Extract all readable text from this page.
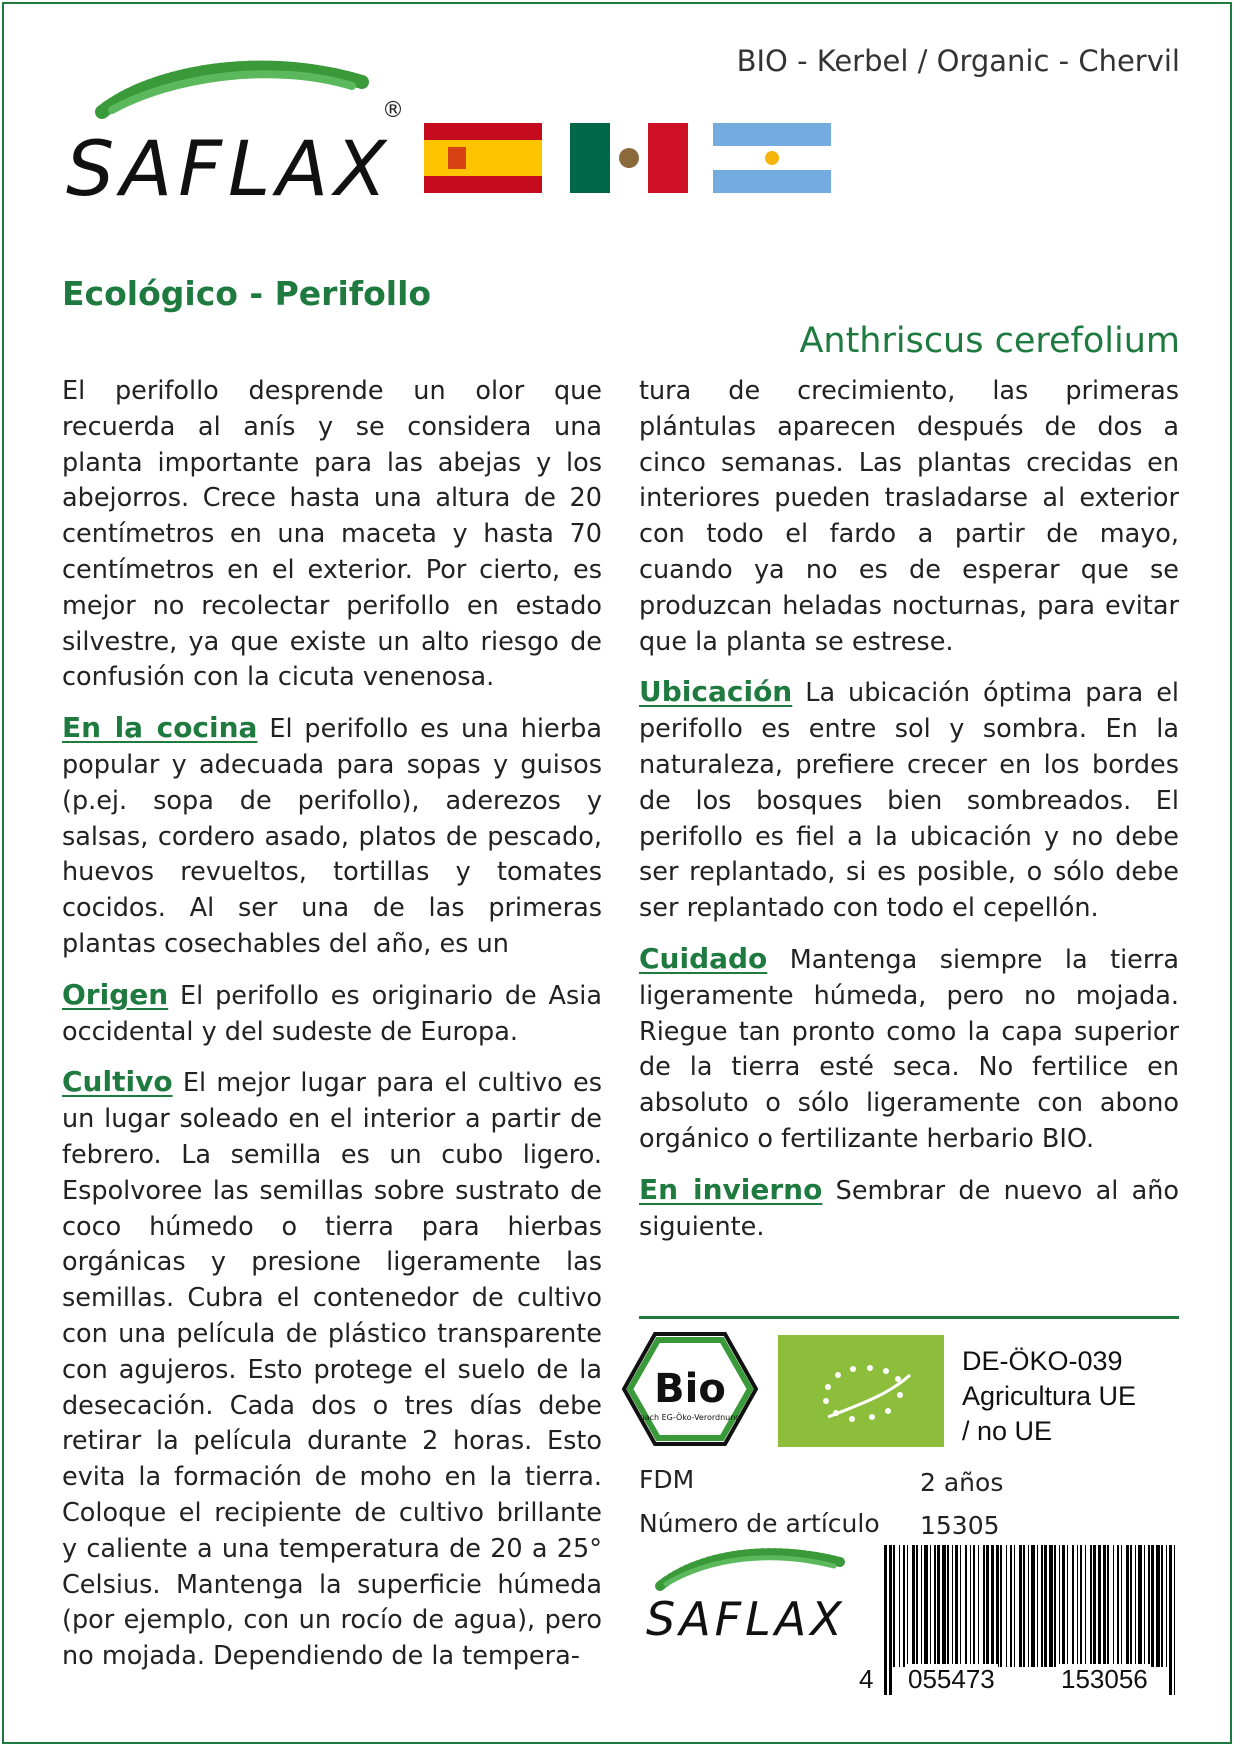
BIO - Kerbel / Organic - Chervil
SAFLAX
®
Ecológico - Perifollo
Anthriscus cerefolium

El perifollo desprende un olor que recuerda al anís y se considera una planta importante para las abejas y los abejorros. Crece hasta una altura de 20 centímetros en una maceta y hasta 70 centímetros en el exterior. Por cierto, es mejor no recolectar perifollo en estado silvestre, ya que existe un alto riesgo de confusión con la cicuta venenosa.

En la cocina El perifollo es una hierba popular y adecuada para sopas y guisos (p.ej. sopa de perifollo), aderezos y salsas, cordero asado, platos de pescado, huevos revueltos, tortillas y tomates cocidos. Al ser una de las primeras plantas cosechables del año, es un

Origen El perifollo es originario de Asia occidental y del sudeste de Europa.

Cultivo El mejor lugar para el cultivo es un lugar soleado en el interior a partir de febrero. La semilla es un cubo ligero. Espolvoree las semillas sobre sustrato de coco húmedo o tierra para hierbas orgánicas y presione ligeramente las semillas. Cubra el contenedor de cultivo con una película de plástico transparente con agujeros. Esto protege el suelo de la desecación. Cada dos o tres días debe retirar la película durante 2 horas. Esto evita la formación de moho en la tierra. Coloque el recipiente de cultivo brillante y caliente a una temperatura de 20 a 25° Celsius. Mantenga la superficie húmeda (por ejemplo, con un rocío de agua), pero no mojada. Dependiendo de la tempera-

tura de crecimiento, las primeras plántulas aparecen después de dos a cinco semanas. Las plantas crecidas en interiores pueden trasladarse al exterior con todo el fardo a partir de mayo, cuando ya no es de esperar que se produzcan heladas nocturnas, para evitar que la planta se estrese.

Ubicación La ubicación óptima para el perifollo es entre sol y sombra. En la naturaleza, prefiere crecer en los bordes de los bosques bien sombreados. El perifollo es fiel a la ubicación y no debe ser replantado, si es posible, o sólo debe ser replantado con todo el cepellón.

Cuidado Mantenga siempre la tierra ligeramente húmeda, pero no mojada. Riegue tan pronto como la capa superior de la tierra esté seca. No fertilice en absoluto o sólo ligeramente con abono orgánico o fertilizante herbario BIO.

En invierno Sembrar de nuevo al año siguiente.

Bio
nach EG-Öko-Verordnung
DE-ÖKO-039
Agricultura UE
/ no UE
FDM	2 años
Número de artículo 15305
SAFLAX
4 055473	153056
